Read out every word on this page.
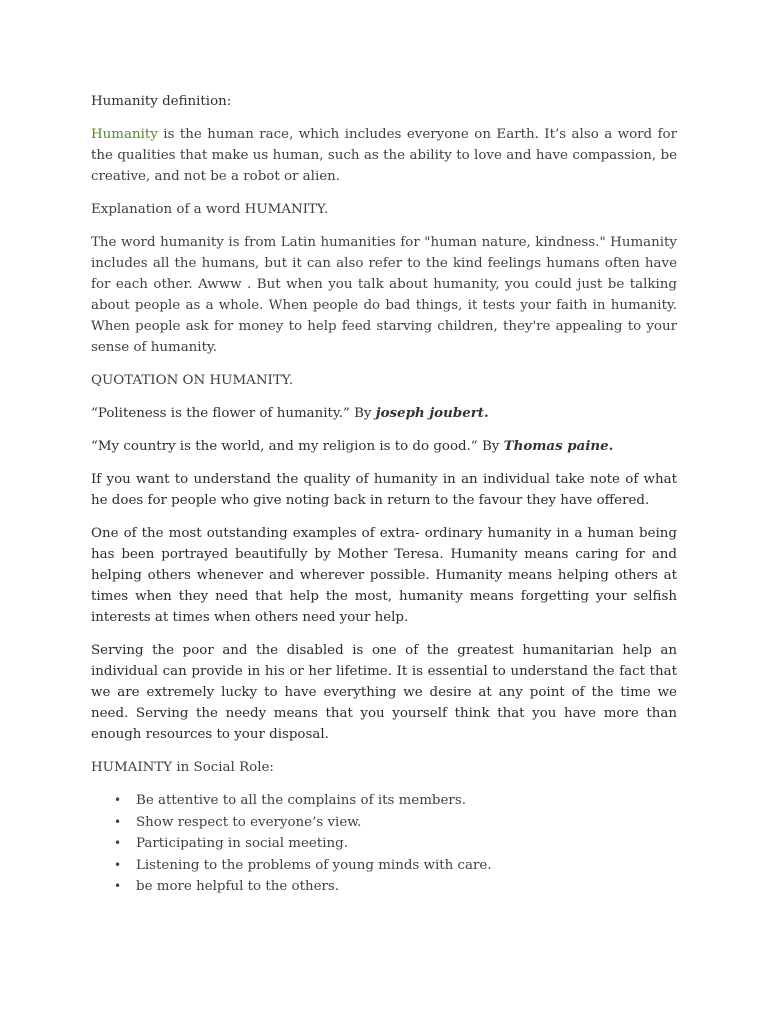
Humanity definition:

Humanity is the human race, which includes everyone on Earth. It’s also a word for the qualities that make us human, such as the ability to love and have compassion, be creative, and not be a robot or alien.

Explanation of a word HUMANITY.

The word humanity is from Latin humanities for "human nature, kindness." Humanity includes all the humans, but it can also refer to the kind feelings humans often have for each other. Awww . But when you talk about humanity, you could just be talking about people as a whole. When people do bad things, it tests your faith in humanity. When people ask for money to help feed starving children, they're appealing to your sense of humanity.

QUOTATION ON HUMANITY.

“Politeness is the flower of humanity.” By joseph joubert.

“My country is the world, and my religion is to do good.” By Thomas paine.

If you want to understand the quality of humanity in an individual take note of what he does for people who give noting back in return to the favour they have offered.

One of the most outstanding examples of extra- ordinary humanity in a human being has been portrayed beautifully by Mother Teresa. Humanity means caring for and helping others whenever and wherever possible. Humanity means helping others at times when they need that help the most, humanity means forgetting your selfish interests at times when others need your help.

Serving the poor and the disabled is one of the greatest humanitarian help an individual can provide in his or her lifetime. It is essential to understand the fact that we are extremely lucky to have everything we desire at any point of the time we need. Serving the needy means that you yourself think that you have more than enough resources to your disposal.

HUMAINTY in Social Role:

• Be attentive to all the complains of its members.
• Show respect to everyone’s view.
• Participating in social meeting.
• Listening to the problems of young minds with care.
• be more helpful to the others.
